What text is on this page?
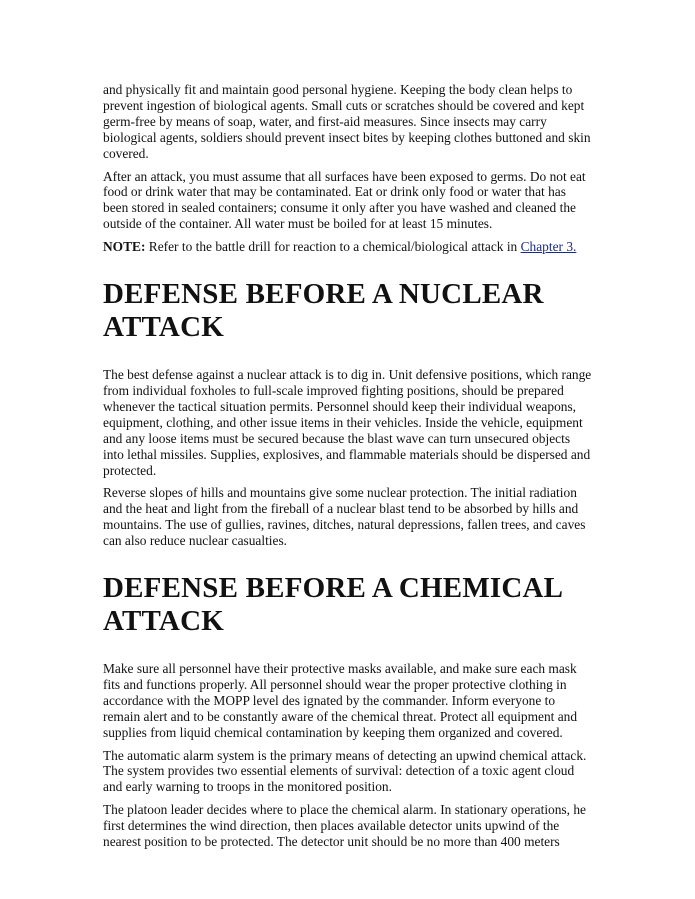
and physically fit and maintain good personal hygiene. Keeping the body clean helps to prevent ingestion of biological agents. Small cuts or scratches should be covered and kept germ-free by means of soap, water, and first-aid measures. Since insects may carry biological agents, soldiers should prevent insect bites by keeping clothes buttoned and skin covered.

After an attack, you must assume that all surfaces have been exposed to germs. Do not eat food or drink water that may be contaminated. Eat or drink only food or water that has been stored in sealed containers; consume it only after you have washed and cleaned the outside of the container. All water must be boiled for at least 15 minutes.

NOTE: Refer to the battle drill for reaction to a chemical/biological attack in Chapter 3.

DEFENSE BEFORE A NUCLEAR ATTACK

The best defense against a nuclear attack is to dig in. Unit defensive positions, which range from individual foxholes to full-scale improved fighting positions, should be prepared whenever the tactical situation permits. Personnel should keep their individual weapons, equipment, clothing, and other issue items in their vehicles. Inside the vehicle, equipment and any loose items must be secured because the blast wave can turn unsecured objects into lethal missiles. Supplies, explosives, and flammable materials should be dispersed and protected.

Reverse slopes of hills and mountains give some nuclear protection. The initial radiation and the heat and light from the fireball of a nuclear blast tend to be absorbed by hills and mountains. The use of gullies, ravines, ditches, natural depressions, fallen trees, and caves can also reduce nuclear casualties.

DEFENSE BEFORE A CHEMICAL ATTACK

Make sure all personnel have their protective masks available, and make sure each mask fits and functions properly. All personnel should wear the proper protective clothing in accordance with the MOPP level des ignated by the commander. Inform everyone to remain alert and to be constantly aware of the chemical threat. Protect all equipment and supplies from liquid chemical contamination by keeping them organized and covered.

The automatic alarm system is the primary means of detecting an upwind chemical attack. The system provides two essential elements of survival: detection of a toxic agent cloud and early warning to troops in the monitored position.

The platoon leader decides where to place the chemical alarm. In stationary operations, he first determines the wind direction, then places available detector units upwind of the nearest position to be protected. The detector unit should be no more than 400 meters
